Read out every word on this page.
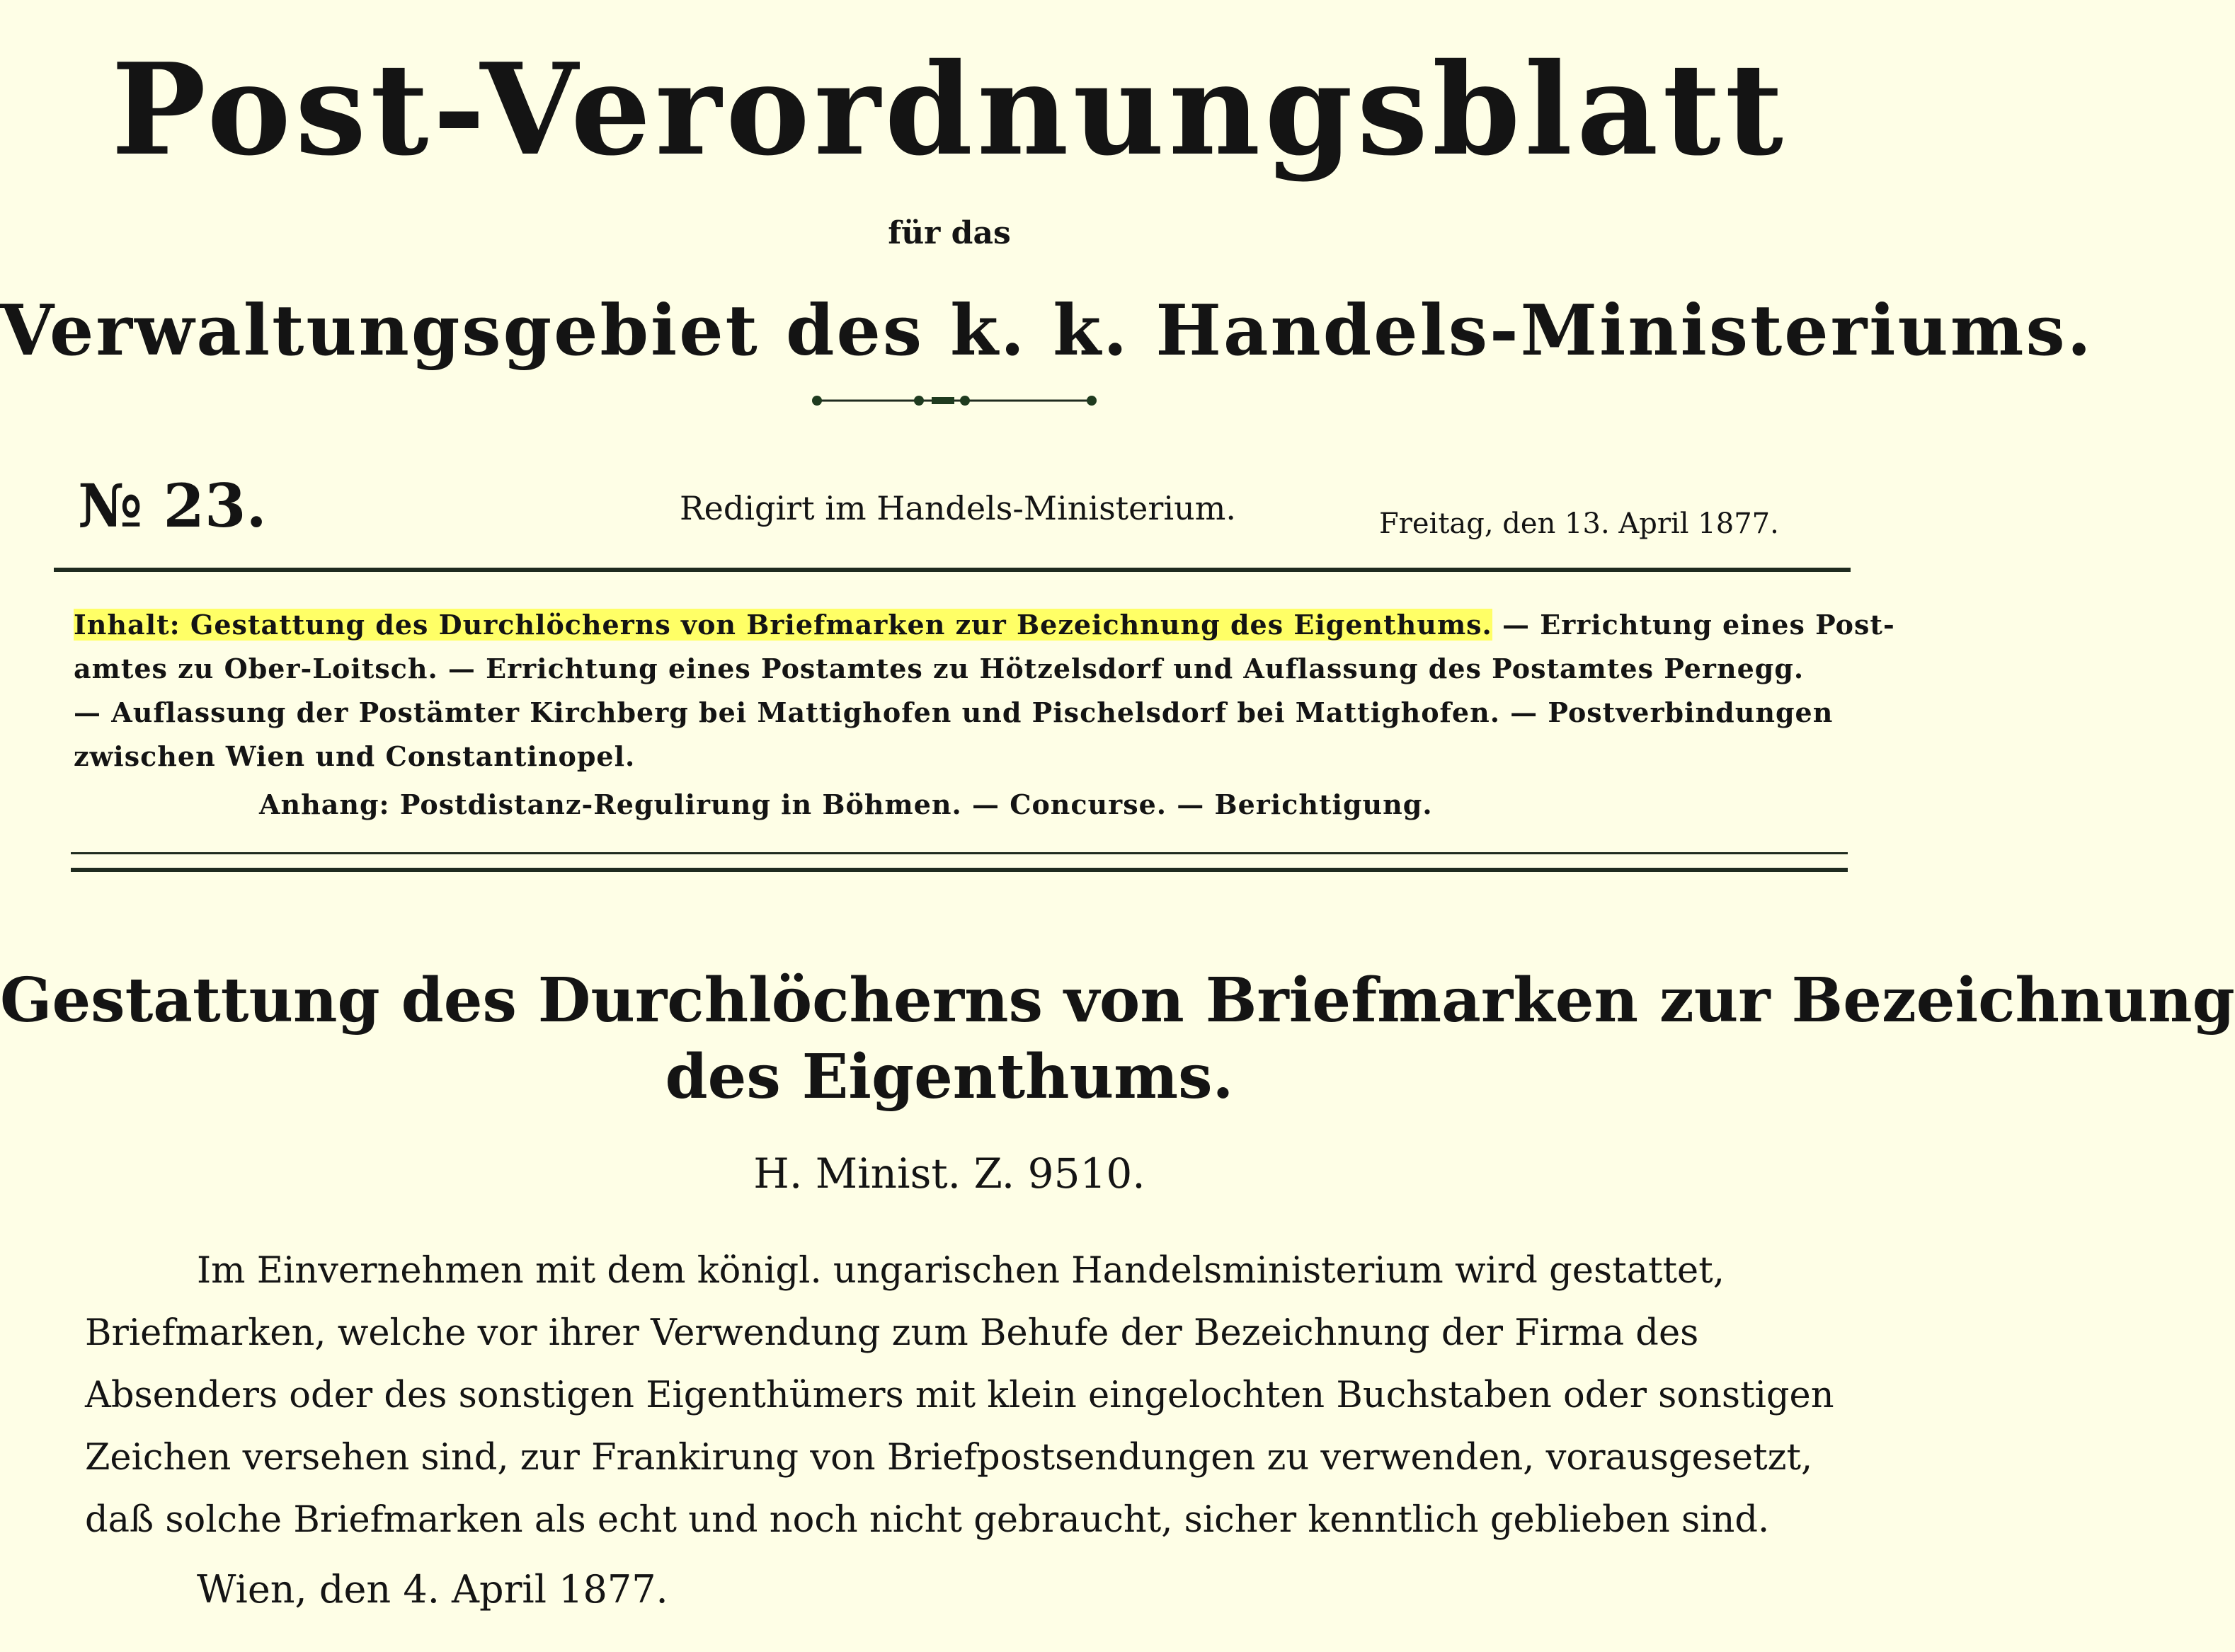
Post-Verordnungsblatt
für das
Verwaltungsgebiet des k. k. Handels-Ministeriums.
№ 23.	Redigirt im Handels-Ministerium.	Freitag, den 13. April 1877.
Inhalt: Gestattung des Durchlöcherns von Briefmarken zur Bezeichnung des Eigenthums. — Errichtung eines Post-
amtes zu Ober-Loitsch. — Errichtung eines Postamtes zu Hötzelsdorf und Auflassung des Postamtes Pernegg.
— Auflassung der Postämter Kirchberg bei Mattighofen und Pischelsdorf bei Mattighofen. — Postverbindungen
zwischen Wien und Constantinopel.
Anhang: Postdistanz-Regulirung in Böhmen. — Concurse. — Berichtigung.
Gestattung des Durchlöcherns von Briefmarken zur Bezeichnung
des Eigenthums.
H. Minist. Z. 9510.
Im Einvernehmen mit dem königl. ungarischen Handelsministerium wird gestattet,
Briefmarken, welche vor ihrer Verwendung zum Behufe der Bezeichnung der Firma des
Absenders oder des sonstigen Eigenthümers mit klein eingelochten Buchstaben oder sonstigen
Zeichen versehen sind, zur Frankirung von Briefpostsendungen zu verwenden, vorausgesetzt,
daß solche Briefmarken als echt und noch nicht gebraucht, sicher kenntlich geblieben sind.
Wien, den 4. April 1877.
